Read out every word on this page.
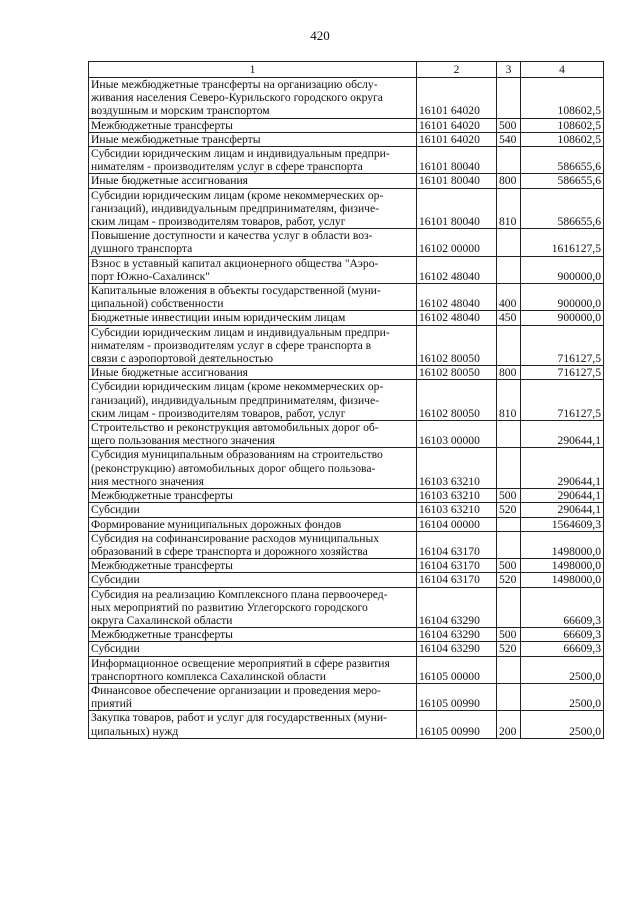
420
1	2	3	4
Иные межбюджетные трансферты на организацию обслу-
живания населения Северо-Курильского городского округа
воздушным и морским транспортом	16101 64020		108602,5
Межбюджетные трансферты	16101 64020	500	108602,5
Иные межбюджетные трансферты	16101 64020	540	108602,5
Субсидии юридическим лицам и индивидуальным предпри-
нимателям - производителям услуг в сфере транспорта	16101 80040		586655,6
Иные бюджетные ассигнования	16101 80040	800	586655,6
Субсидии юридическим лицам (кроме некоммерческих ор-
ганизаций), индивидуальным предпринимателям, физиче-
ским лицам - производителям товаров, работ, услуг	16101 80040	810	586655,6
Повышение доступности и качества услуг в области воз-
душного транспорта	16102 00000		1616127,5
Взнос в уставный капитал акционерного общества "Аэро-
порт Южно-Сахалинск"	16102 48040		900000,0
Капитальные вложения в объекты государственной (муни-
ципальной) собственности	16102 48040	400	900000,0
Бюджетные инвестиции иным юридическим лицам	16102 48040	450	900000,0
Субсидии юридическим лицам и индивидуальным предпри-
нимателям - производителям услуг в сфере транспорта в
связи с аэропортовой деятельностью	16102 80050		716127,5
Иные бюджетные ассигнования	16102 80050	800	716127,5
Субсидии юридическим лицам (кроме некоммерческих ор-
ганизаций), индивидуальным предпринимателям, физиче-
ским лицам - производителям товаров, работ, услуг	16102 80050	810	716127,5
Строительство и реконструкция автомобильных дорог об-
щего пользования местного значения	16103 00000		290644,1
Субсидия муниципальным образованиям на строительство
(реконструкцию) автомобильных дорог общего пользова-
ния местного значения	16103 63210		290644,1
Межбюджетные трансферты	16103 63210	500	290644,1
Субсидии	16103 63210	520	290644,1
Формирование муниципальных дорожных фондов	16104 00000		1564609,3
Субсидия на софинансирование расходов муниципальных
образований в сфере транспорта и дорожного хозяйства	16104 63170		1498000,0
Межбюджетные трансферты	16104 63170	500	1498000,0
Субсидии	16104 63170	520	1498000,0
Субсидия на реализацию Комплексного плана первоочеред-
ных мероприятий по развитию Углегорского городского
округа Сахалинской области	16104 63290		66609,3
Межбюджетные трансферты	16104 63290	500	66609,3
Субсидии	16104 63290	520	66609,3
Информационное освещение мероприятий в сфере развития
транспортного комплекса Сахалинской области	16105 00000		2500,0
Финансовое обеспечение организации и проведения меро-
приятий	16105 00990		2500,0
Закупка товаров, работ и услуг для государственных (муни-
ципальных) нужд	16105 00990	200	2500,0
